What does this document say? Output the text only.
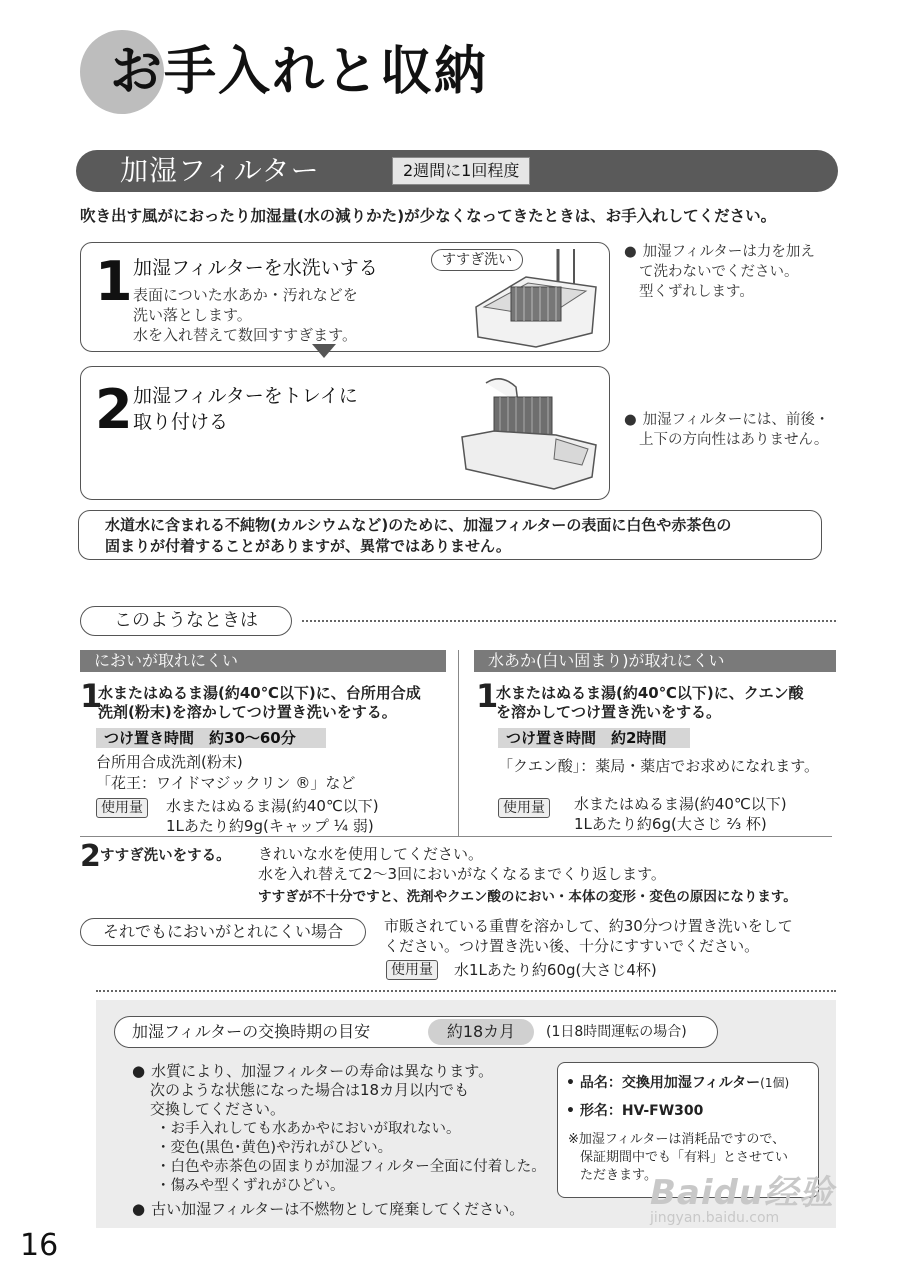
お手入れと収納
加湿フィルター	2週間に1回程度
吹き出す風がにおったり加湿量(水の減りかた)が少なくなってきたときは、お手入れしてください。
1 加湿フィルターを水洗いする
表面についた水あか・汚れなどを
洗い落とします。
水を入れ替えて数回すすぎます。
すすぎ洗い	● 加湿フィルターは力を加え
て洗わないでください。
型くずれします。
2 加湿フィルターをトレイに
取り付ける	● 加湿フィルターには、前後・
上下の方向性はありません。
水道水に含まれる不純物(カルシウムなど)のために、加湿フィルターの表面に白色や赤茶色の
固まりが付着することがありますが、異常ではありません。
このようなときは
においが取れにくい
1
水またはぬるま湯(約40℃以下)に、台所用合成
洗剤(粉末)を溶かしてつけ置き洗いをする。
つけ置き時間　約30〜60分
台所用合成洗剤(粉末)
「花王：ワイドマジックリン ®」など
使用量	水またはぬるま湯(約40℃以下)
1Lあたり約9g(キャップ ¼ 弱)
水あか(白い固まり)が取れにくい
1
水またはぬるま湯(約40℃以下)に、クエン酸
を溶かしてつけ置き洗いをする。
つけ置き時間　約2時間
「クエン酸」：薬局・薬店でお求めになれます。
使用量	水またはぬるま湯(約40℃以下)
1Lあたり約6g(大さじ ⅔ 杯)
2 すすぎ洗いをする。 きれいな水を使用してください。
水を入れ替えて2〜3回においがなくなるまでくり返します。
すすぎが不十分ですと、洗剤やクエン酸のにおい・本体の変形・変色の原因になります。
それでもにおいがとれにくい場合	市販されている重曹を溶かして、約30分つけ置き洗いをして
ください。つけ置き洗い後、十分にすすいでください。
使用量	水1Lあたり約60g(大さじ4杯)
加湿フィルターの交換時期の目安	約18カ月	(1日8時間運転の場合)
● 水質により、加湿フィルターの寿命は異なります。
次のような状態になった場合は18カ月以内でも
交換してください。
・お手入れしても水あかやにおいが取れない。
・変色(黒色･黄色)や汚れがひどい。
・白色や赤茶色の固まりが加湿フィルター全面に付着した。
・傷みや型くずれがひどい。
● 古い加湿フィルターは不燃物として廃棄してください。
• 品名：交換用加湿フィルター(1個)
• 形名：HV-FW300
※加湿フィルターは消耗品ですので、
保証期間中でも「有料」とさせてい
ただきます。
16
Baidu经验
jingyan.baidu.com
